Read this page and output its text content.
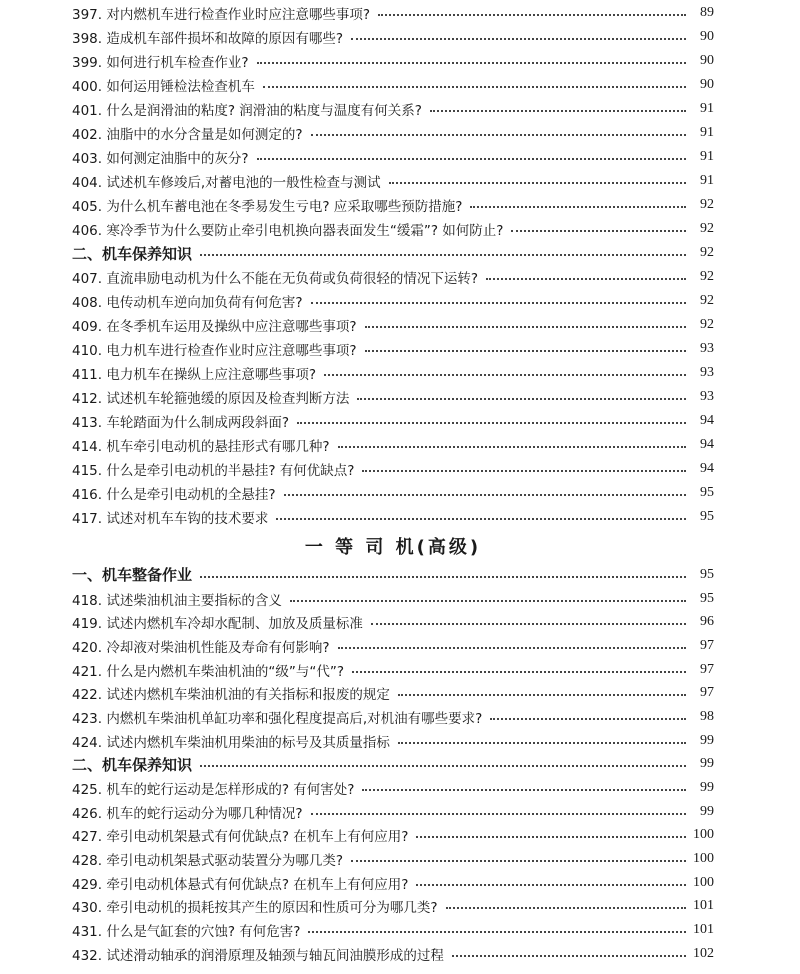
397. 对内燃机车进行检查作业时应注意哪些事项?	89
398. 造成机车部件损坏和故障的原因有哪些?	90
399. 如何进行机车检查作业?	90
400. 如何运用锤检法检查机车	90
401. 什么是润滑油的粘度? 润滑油的粘度与温度有何关系?	91
402. 油脂中的水分含量是如何测定的?	91
403. 如何测定油脂中的灰分?	91
404. 试述机车修竣后,对蓄电池的一般性检查与测试	91
405. 为什么机车蓄电池在冬季易发生亏电? 应采取哪些预防措施?	92
406. 寒冷季节为什么要防止牵引电机换向器表面发生“缓霜”? 如何防止?	92
二、机车保养知识	92
407. 直流串励电动机为什么不能在无负荷或负荷很轻的情况下运转?	92
408. 电传动机车逆向加负荷有何危害?	92
409. 在冬季机车运用及操纵中应注意哪些事项?	92
410. 电力机车进行检查作业时应注意哪些事项?	93
411. 电力机车在操纵上应注意哪些事项?	93
412. 试述机车轮箍弛缓的原因及检查判断方法	93
413. 车轮踏面为什么制成两段斜面?	94
414. 机车牵引电动机的悬挂形式有哪几种?	94
415. 什么是牵引电动机的半悬挂? 有何优缺点?	94
416. 什么是牵引电动机的全悬挂?	95
417. 试述对机车车钩的技术要求	95
一 等 司 机(高级)
一、机车整备作业	95
418. 试述柴油机油主要指标的含义	95
419. 试述内燃机车冷却水配制、加放及质量标准	96
420. 冷却液对柴油机性能及寿命有何影响?	97
421. 什么是内燃机车柴油机油的“级”与“代”?	97
422. 试述内燃机车柴油机油的有关指标和报废的规定	97
423. 内燃机车柴油机单缸功率和强化程度提高后,对机油有哪些要求?	98
424. 试述内燃机车柴油机用柴油的标号及其质量指标	99
二、机车保养知识	99
425. 机车的蛇行运动是怎样形成的? 有何害处?	99
426. 机车的蛇行运动分为哪几种情况?	99
427. 牵引电动机架悬式有何优缺点? 在机车上有何应用?	100
428. 牵引电动机架悬式驱动装置分为哪几类?	100
429. 牵引电动机体悬式有何优缺点? 在机车上有何应用?	100
430. 牵引电动机的损耗按其产生的原因和性质可分为哪几类?	101
431. 什么是气缸套的穴蚀? 有何危害?	101
432. 试述滑动轴承的润滑原理及轴颈与轴瓦间油膜形成的过程	102
